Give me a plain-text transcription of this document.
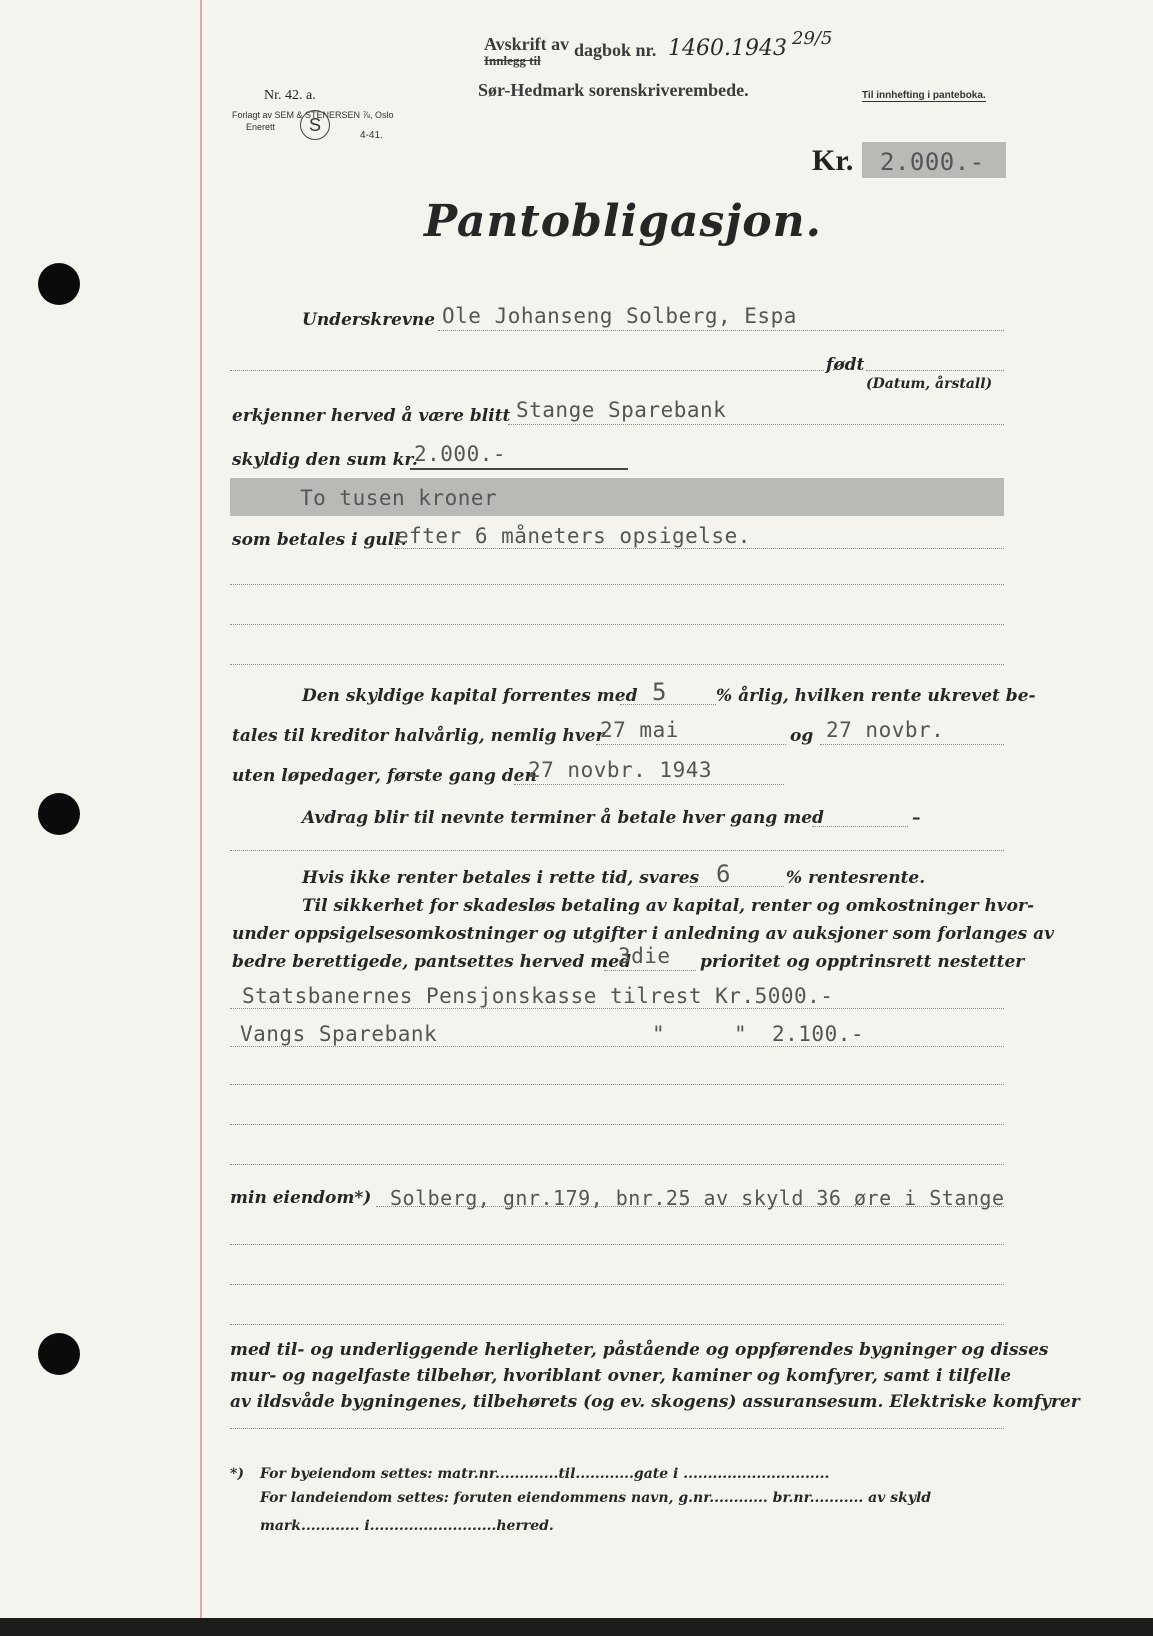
Avskrift av
Innlegg til
dagbok nr. 1460.1943 29/5
Sør-Hedmark sorenskriverembede.
Nr. 42. a.
Forlagt av SEM & STENERSEN ⅞, Oslo
Enerett	S
4-41.
Til innhefting i panteboka.
Kr. 2.000.-
Pantobligasjon.
Underskrevne Ole Johanseng Solberg, Espa
født
(Datum, årstall)
erkjenner herved å være blitt Stange Sparebank
skyldig den sum kr.
2.000.-
To tusen kroner
som betales i gull.
efter 6 måneters opsigelse.
Den skyldige kapital forrentes med 5	% årlig, hvilken rente ukrevet be-
tales til kreditor halvårlig, nemlig hver
27 mai	og 27 novbr.
uten løpedager, første gang den
27 novbr. 1943
Avdrag blir til nevnte terminer å betale hver gang med	–
Hvis ikke renter betales i rette tid, svares 6	% rentesrente.
Til sikkerhet for skadesløs betaling av kapital, renter og omkostninger hvor-
under oppsigelsesomkostninger og utgifter i anledning av auksjoner som forlanges av
bedre berettigede, pantsettes herved med
3die prioritet og opptrinsrett nestetter
Statsbanernes Pensjonskasse tilrest Kr.5000.-
Vangs Sparebank	"	" 2.100.-
min eiendom*) Solberg, gnr.179, bnr.25 av skyld 36 øre i Stange
med til- og underliggende herligheter, påstående og oppførendes bygninger og disses
mur- og nagelfaste tilbehør, hvoriblant ovner, kaminer og komfyrer, samt i tilfelle
av ildsvåde bygningenes, tilbehørets (og ev. skogens) assuransesum. Elektriske komfyrer
*) For byeiendom settes: matr.nr.............til............gate i ..............................
For landeiendom settes: foruten eiendommens navn, g.nr............ br.nr........... av skyld
mark............ i..........................herred.
